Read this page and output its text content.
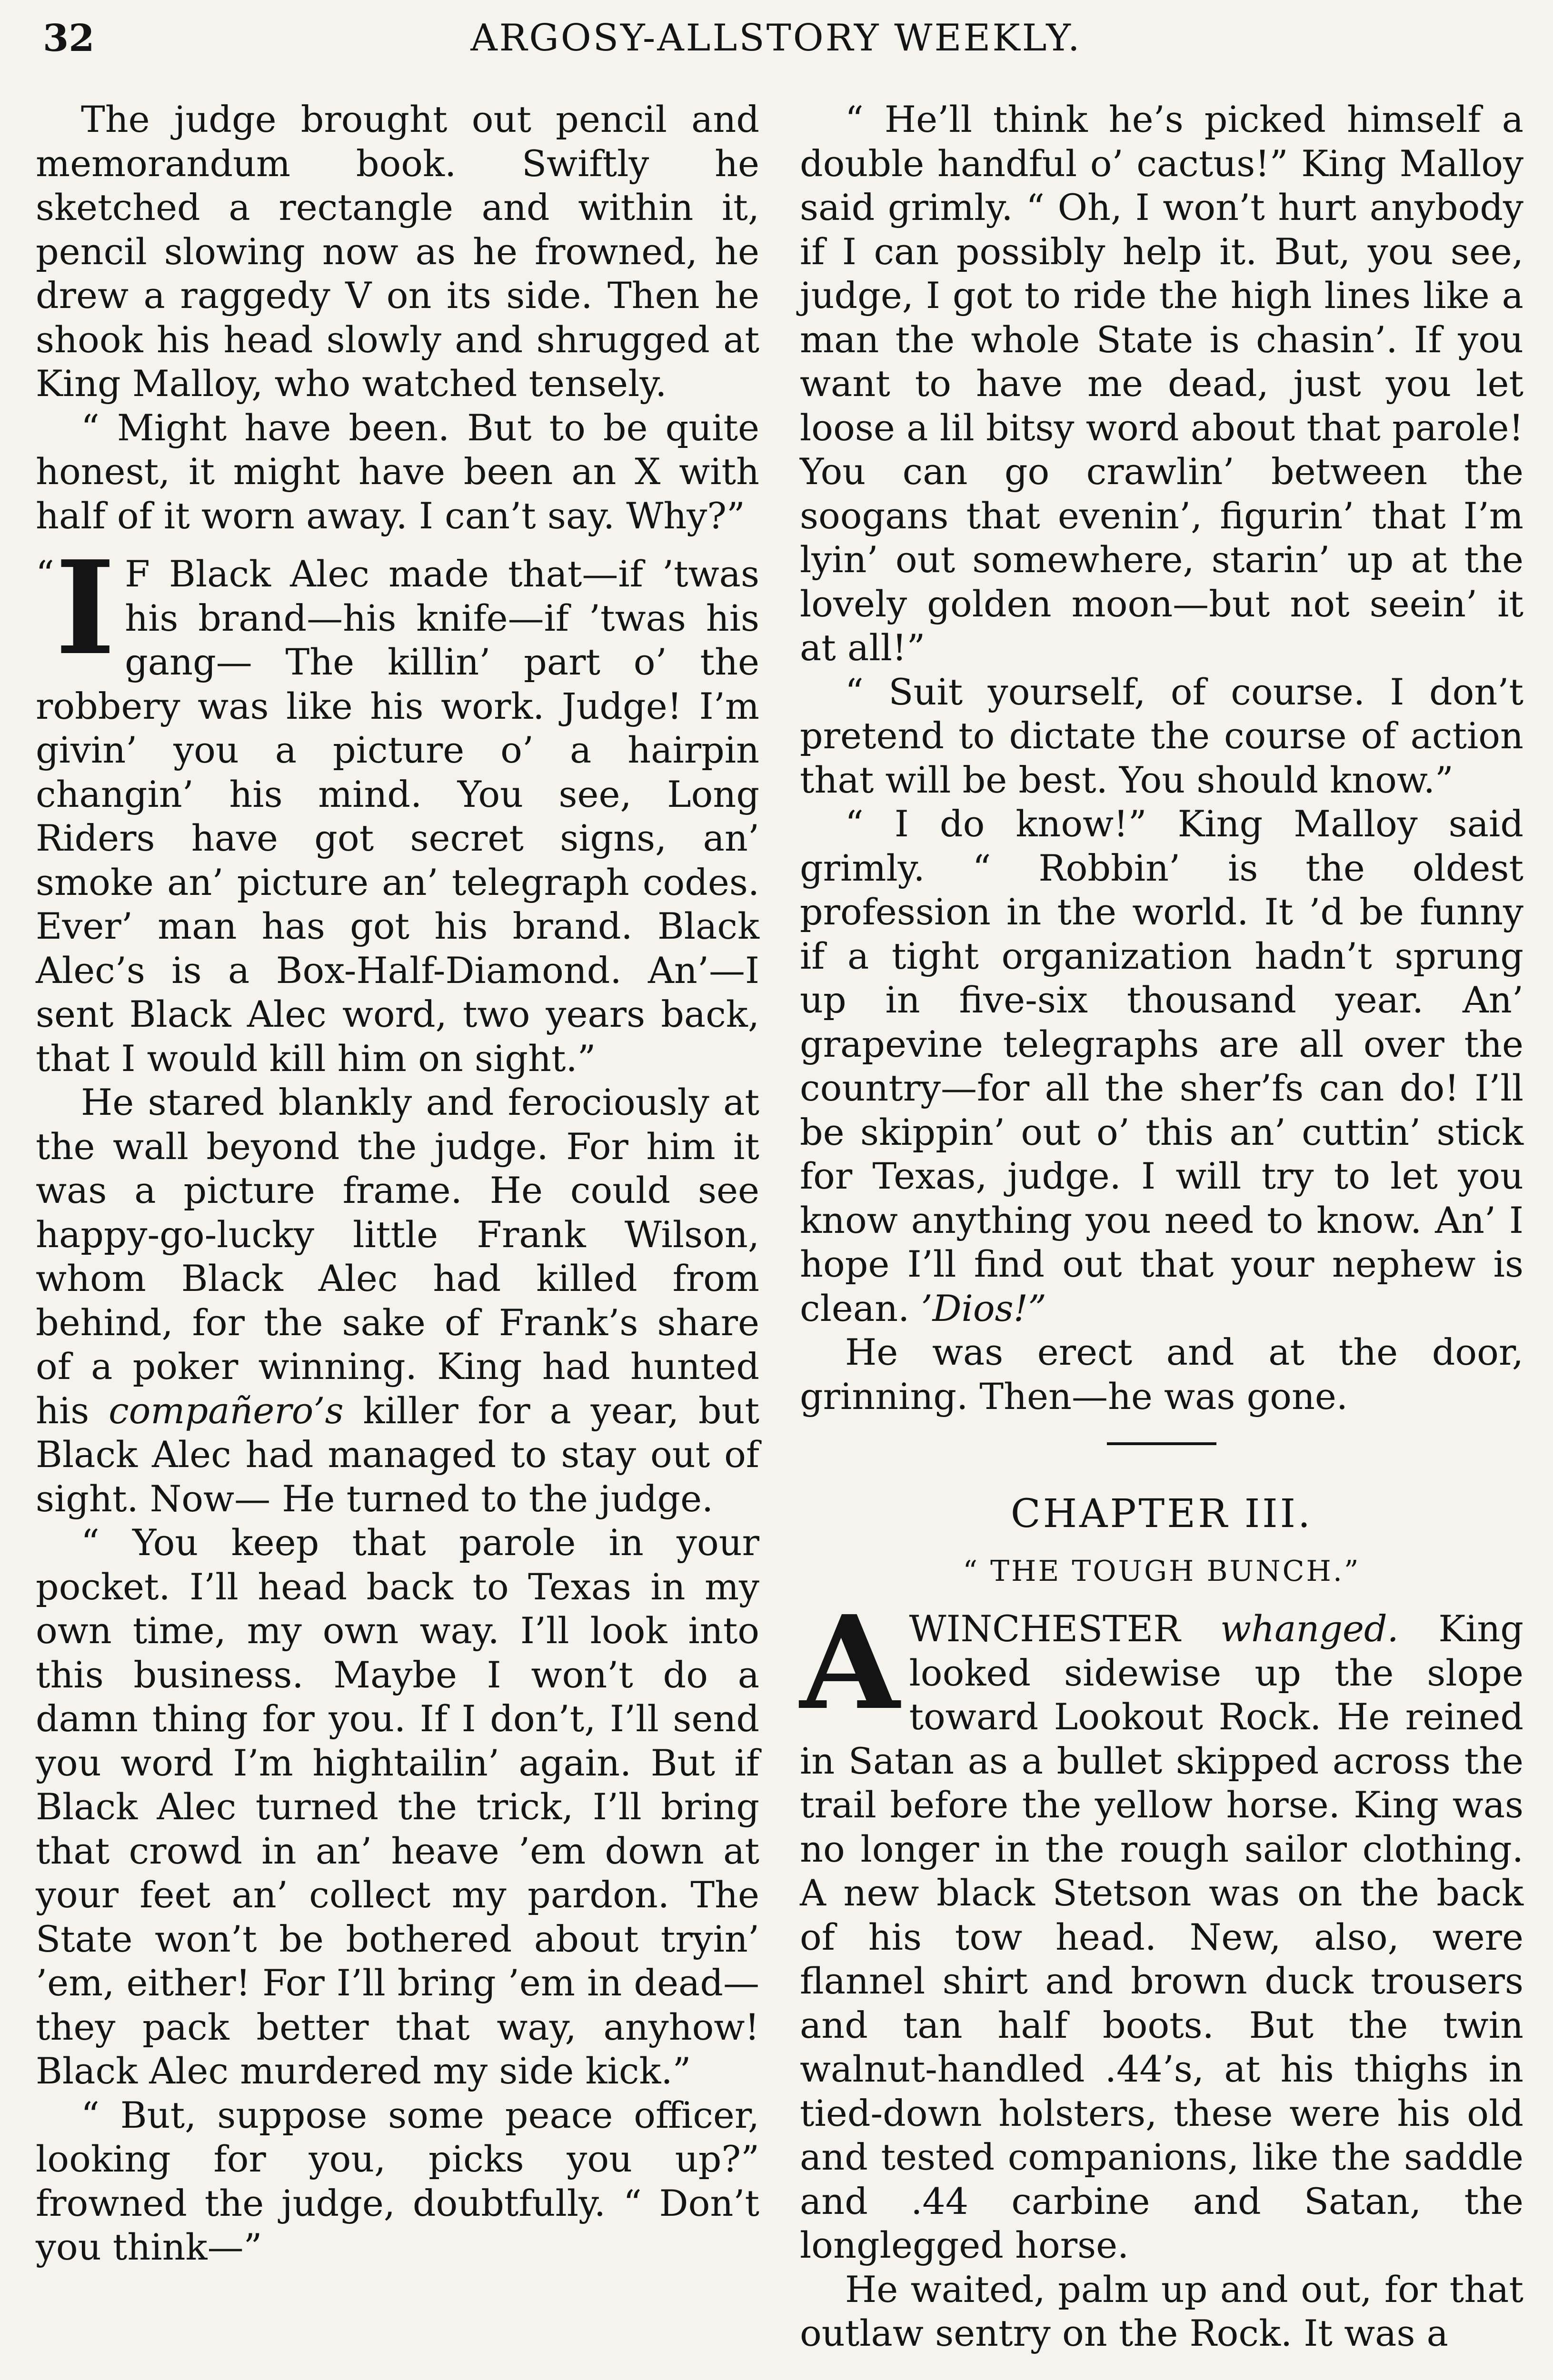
32	ARGOSY-ALLSTORY WEEKLY.

The judge brought out pencil and memorandum book. Swiftly he sketched a rectangle and within it, pencil slowing now as he frowned, he drew a raggedy V on its side. Then he shook his head slowly and shrugged at King Malloy, who watched tensely.

“ Might have been. But to be quite honest, it might have been an X with half of it worn away. I can’t say. Why?”

“ I F Black Alec made that—if ’twas his brand—his knife—if ’twas his gang— The killin’ part o’ the robbery was like his work. Judge! I’m givin’ you a picture o’ a hairpin changin’ his mind. You see, Long Riders have got secret signs, an’ smoke an’ picture an’ telegraph codes. Ever’ man has got his brand. Black Alec’s is a Box-Half-Diamond. An’—I sent Black Alec word, two years back, that I would kill him on sight.”

He stared blankly and ferociously at the wall beyond the judge. For him it was a picture frame. He could see happy-go-lucky little Frank Wilson, whom Black Alec had killed from behind, for the sake of Frank’s share of a poker winning. King had hunted his compañero’s killer for a year, but Black Alec had managed to stay out of sight. Now— He turned to the judge.

“ You keep that parole in your pocket. I’ll head back to Texas in my own time, my own way. I’ll look into this business. Maybe I won’t do a damn thing for you. If I don’t, I’ll send you word I’m hightailin’ again. But if Black Alec turned the trick, I’ll bring that crowd in an’ heave ’em down at your feet an’ collect my pardon. The State won’t be bothered about tryin’ ’em, either! For I’ll bring ’em in dead—they pack better that way, anyhow! Black Alec murdered my side kick.”

“ But, suppose some peace officer, looking for you, picks you up?” frowned the judge, doubtfully. “ Don’t you think—”

“ He’ll think he’s picked himself a double handful o’ cactus!” King Malloy said grimly. “ Oh, I won’t hurt anybody if I can possibly help it. But, you see, judge, I got to ride the high lines like a man the whole State is chasin’. If you want to have me dead, just you let loose a lil bitsy word about that parole! You can go crawlin’ between the soogans that evenin’, figurin’ that I’m lyin’ out somewhere, starin’ up at the lovely golden moon—but not seein’ it at all!”

“ Suit yourself, of course. I don’t pretend to dictate the course of action that will be best. You should know.”

“ I do know!” King Malloy said grimly. “ Robbin’ is the oldest profession in the world. It ’d be funny if a tight organization hadn’t sprung up in five-six thousand year. An’ grapevine telegraphs are all over the country—for all the sher’fs can do! I’ll be skippin’ out o’ this an’ cuttin’ stick for Texas, judge. I will try to let you know anything you need to know. An’ I hope I’ll find out that your nephew is clean. ’Dios!”

He was erect and at the door, grinning. Then—he was gone.

CHAPTER III.
“ THE TOUGH BUNCH.”

A WINCHESTER whanged. King looked sidewise up the slope toward Lookout Rock. He reined in Satan as a bullet skipped across the trail before the yellow horse. King was no longer in the rough sailor clothing. A new black Stetson was on the back of his tow head. New, also, were flannel shirt and brown duck trousers and tan half boots. But the twin walnut-handled .44’s, at his thighs in tied-down holsters, these were his old and tested companions, like the saddle and .44 carbine and Satan, the longlegged horse.

He waited, palm up and out, for that outlaw sentry on the Rock. It was a
